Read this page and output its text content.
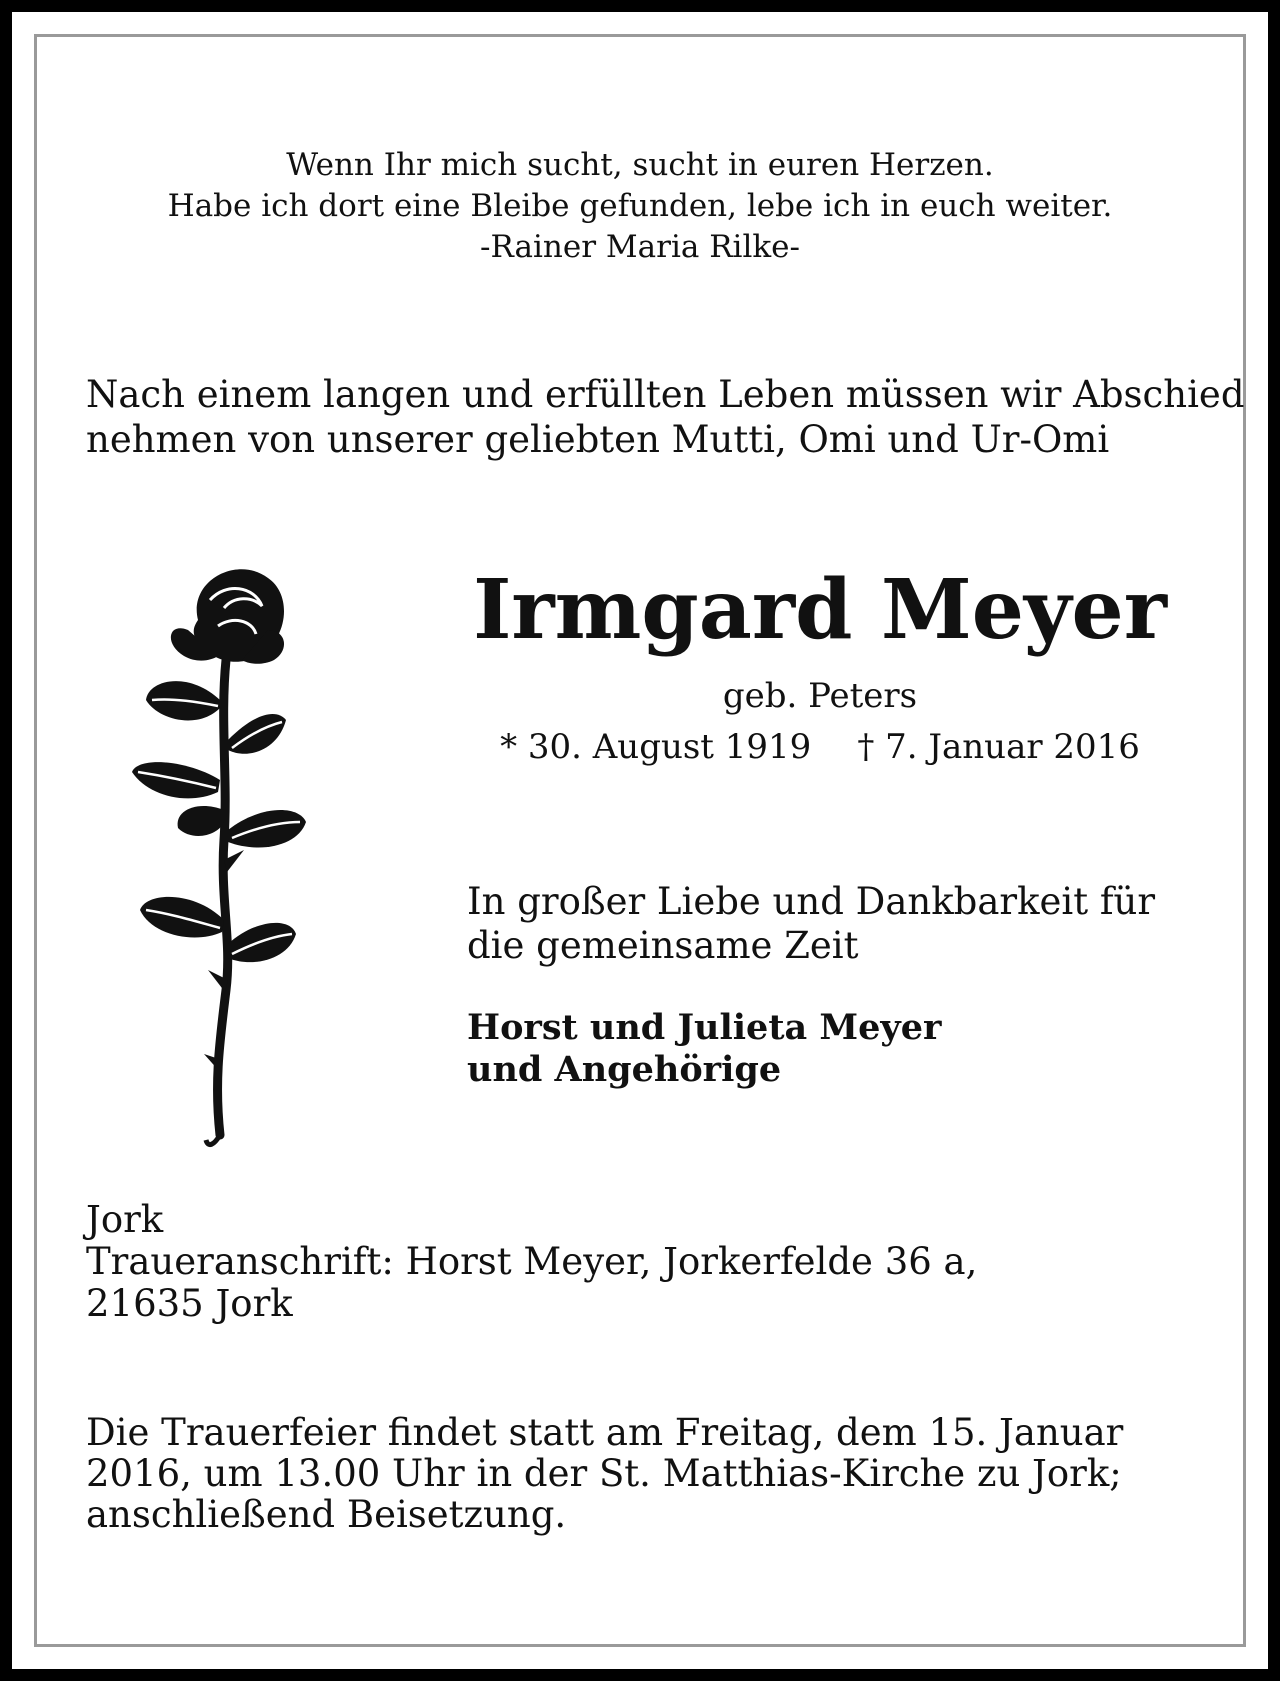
Wenn Ihr mich sucht, sucht in euren Herzen.
Habe ich dort eine Bleibe gefunden, lebe ich in euch weiter.
-Rainer Maria Rilke-
Nach einem langen und erfüllten Leben müssen wir Abschied
nehmen von unserer geliebten Mutti, Omi und Ur-Omi
Irmgard Meyer
geb. Peters
* 30. August 1919 † 7. Januar 2016
In großer Liebe und Dankbarkeit für
die gemeinsame Zeit
Horst und Julieta Meyer
und Angehörige
Jork
Traueranschrift: Horst Meyer, Jorkerfelde 36 a,
21635 Jork
Die Trauerfeier findet statt am Freitag, dem 15. Januar
2016, um 13.00 Uhr in der St. Matthias-Kirche zu Jork;
anschließend Beisetzung.
